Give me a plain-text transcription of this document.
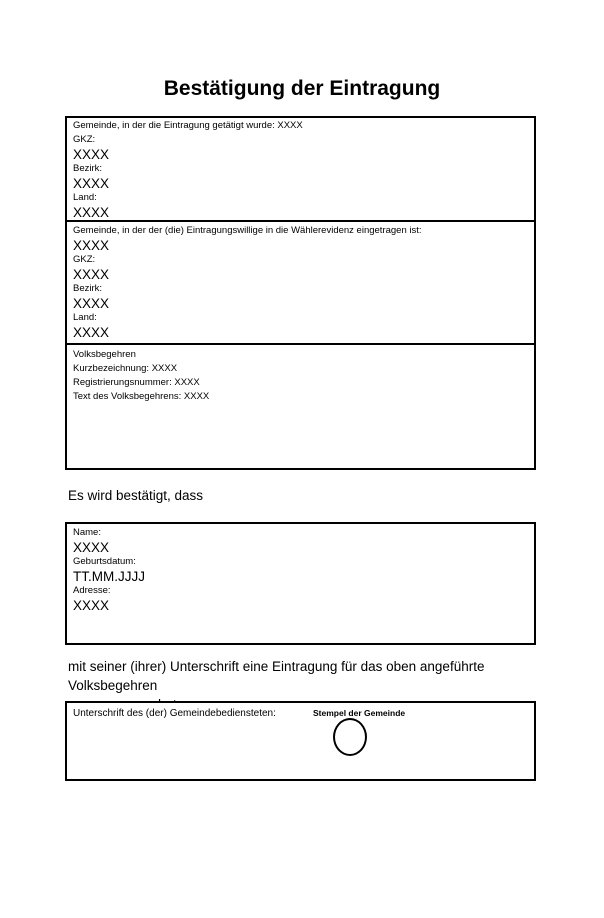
Bestätigung der Eintragung
Gemeinde, in der die Eintragung getätigt wurde: XXXX
GKZ:
XXXX
Bezirk:
XXXX
Land:
XXXX
Gemeinde, in der der (die) Eintragungswillige in die Wählerevidenz eingetragen ist:
XXXX
GKZ:
XXXX
Bezirk:
XXXX
Land:
XXXX
Volksbegehren
Kurzbezeichnung: XXXX
Registrierungsnummer: XXXX
Text des Volksbegehrens: XXXX
Es wird bestätigt, dass
Name:
XXXX
Geburtsdatum:
TT.MM.JJJJ
Adresse:
XXXX
mit seiner (ihrer) Unterschrift eine Eintragung für das oben angeführte Volksbegehren
Unterschrift des (der) Gemeindebediensteten:	Stempel der Gemeinde
